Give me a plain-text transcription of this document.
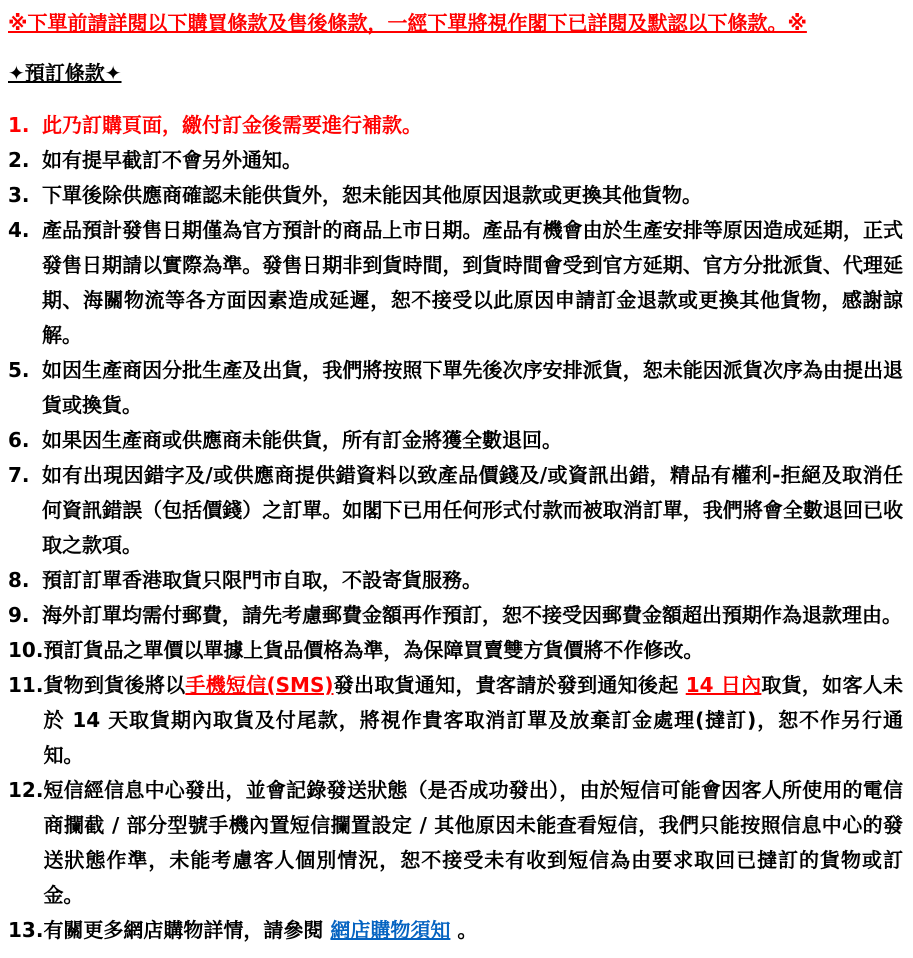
※下單前請詳閱以下購買條款及售後條款，一經下單將視作閣下已詳閱及默認以下條款。※
✦預訂條款✦
1. 此乃訂購頁面，繳付訂金後需要進行補款。
2. 如有提早截訂不會另外通知。
3. 下單後除供應商確認未能供貨外，恕未能因其他原因退款或更換其他貨物。
4. 產品預計發售日期僅為官方預計的商品上市日期。產品有機會由於生產安排等原因造成延期，正式發售日期請以實際為準。發售日期非到貨時間，到貨時間會受到官方延期、官方分批派貨、代理延期、海關物流等各方面因素造成延遲，恕不接受以此原因申請訂金退款或更換其他貨物，感謝諒解。
5. 如因生產商因分批生產及出貨，我們將按照下單先後次序安排派貨，恕未能因派貨次序為由提出退貨或換貨。
6. 如果因生產商或供應商未能供貨，所有訂金將獲全數退回。
7. 如有出現因錯字及/或供應商提供錯資料以致產品價錢及/或資訊出錯，精品有權利-拒絕及取消任何資訊錯誤（包括價錢）之訂單。如閣下已用任何形式付款而被取消訂單，我們將會全數退回已收取之款項。
8. 預訂訂單香港取貨只限門市自取，不設寄貨服務。
9. 海外訂單均需付郵費，請先考慮郵費金額再作預訂，恕不接受因郵費金額超出預期作為退款理由。
10. 預訂貨品之單價以單據上貨品價格為準，為保障買賣雙方貨價將不作修改。
11. 貨物到貨後將以手機短信(SMS)發出取貨通知，貴客請於發到通知後起 14 日內取貨，如客人未於 14 天取貨期內取貨及付尾款，將視作貴客取消訂單及放棄訂金處理(撻訂)，恕不作另行通知。
12. 短信經信息中心發出，並會記錄發送狀態（是否成功發出），由於短信可能會因客人所使用的電信商攔截 / 部分型號手機內置短信攔置設定 / 其他原因未能查看短信，我們只能按照信息中心的發送狀態作準，未能考慮客人個別情況，恕不接受未有收到短信為由要求取回已撻訂的貨物或訂金。
13. 有關更多網店購物詳情，請參閱 網店購物須知 。
